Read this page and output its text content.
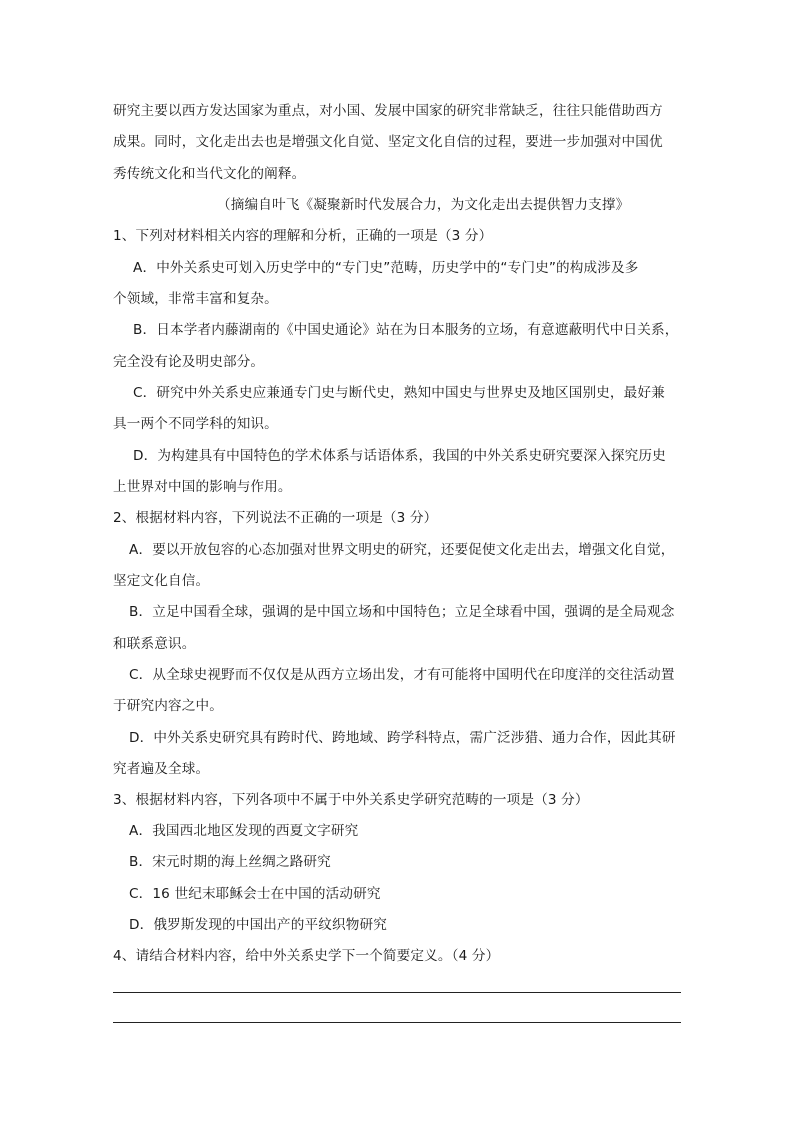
研究主要以西方发达国家为重点，对小国、发展中国家的研究非常缺乏，往往只能借助西方
成果。同时，文化走出去也是增强文化自觉、坚定文化自信的过程，要进一步加强对中国优
秀传统文化和当代文化的阐释。
（摘编自叶飞《凝聚新时代发展合力，为文化走出去提供智力支撑》
1、下列对材料相关内容的理解和分析，正确的一项是（3 分）
A．中外关系史可划入历史学中的“专门史”范畴，历史学中的“专门史”的构成涉及多
个领域，非常丰富和复杂。
B．日本学者内藤湖南的《中国史通论》站在为日本服务的立场，有意遮蔽明代中日关系，
完全没有论及明史部分。
C．研究中外关系史应兼通专门史与断代史，熟知中国史与世界史及地区国别史，最好兼
具一两个不同学科的知识。
D．为构建具有中国特色的学术体系与话语体系，我国的中外关系史研究要深入探究历史
上世界对中国的影响与作用。
2、根据材料内容，下列说法不正确的一项是（3 分）
A．要以开放包容的心态加强对世界文明史的研究，还要促使文化走出去，增强文化自觉，
坚定文化自信。
B．立足中国看全球，强调的是中国立场和中国特色；立足全球看中国，强调的是全局观念
和联系意识。
C．从全球史视野而不仅仅是从西方立场出发，才有可能将中国明代在印度洋的交往活动置
于研究内容之中。
D．中外关系史研究具有跨时代、跨地域、跨学科特点，需广泛涉猎、通力合作，因此其研
究者遍及全球。
3、根据材料内容，下列各项中不属于中外关系史学研究范畴的一项是（3 分）
A．我国西北地区发现的西夏文字研究
B．宋元时期的海上丝绸之路研究
C．16 世纪末耶稣会士在中国的活动研究
D．俄罗斯发现的中国出产的平纹织物研究
4、请结合材料内容，给中外关系史学下一个简要定义。（4 分）
